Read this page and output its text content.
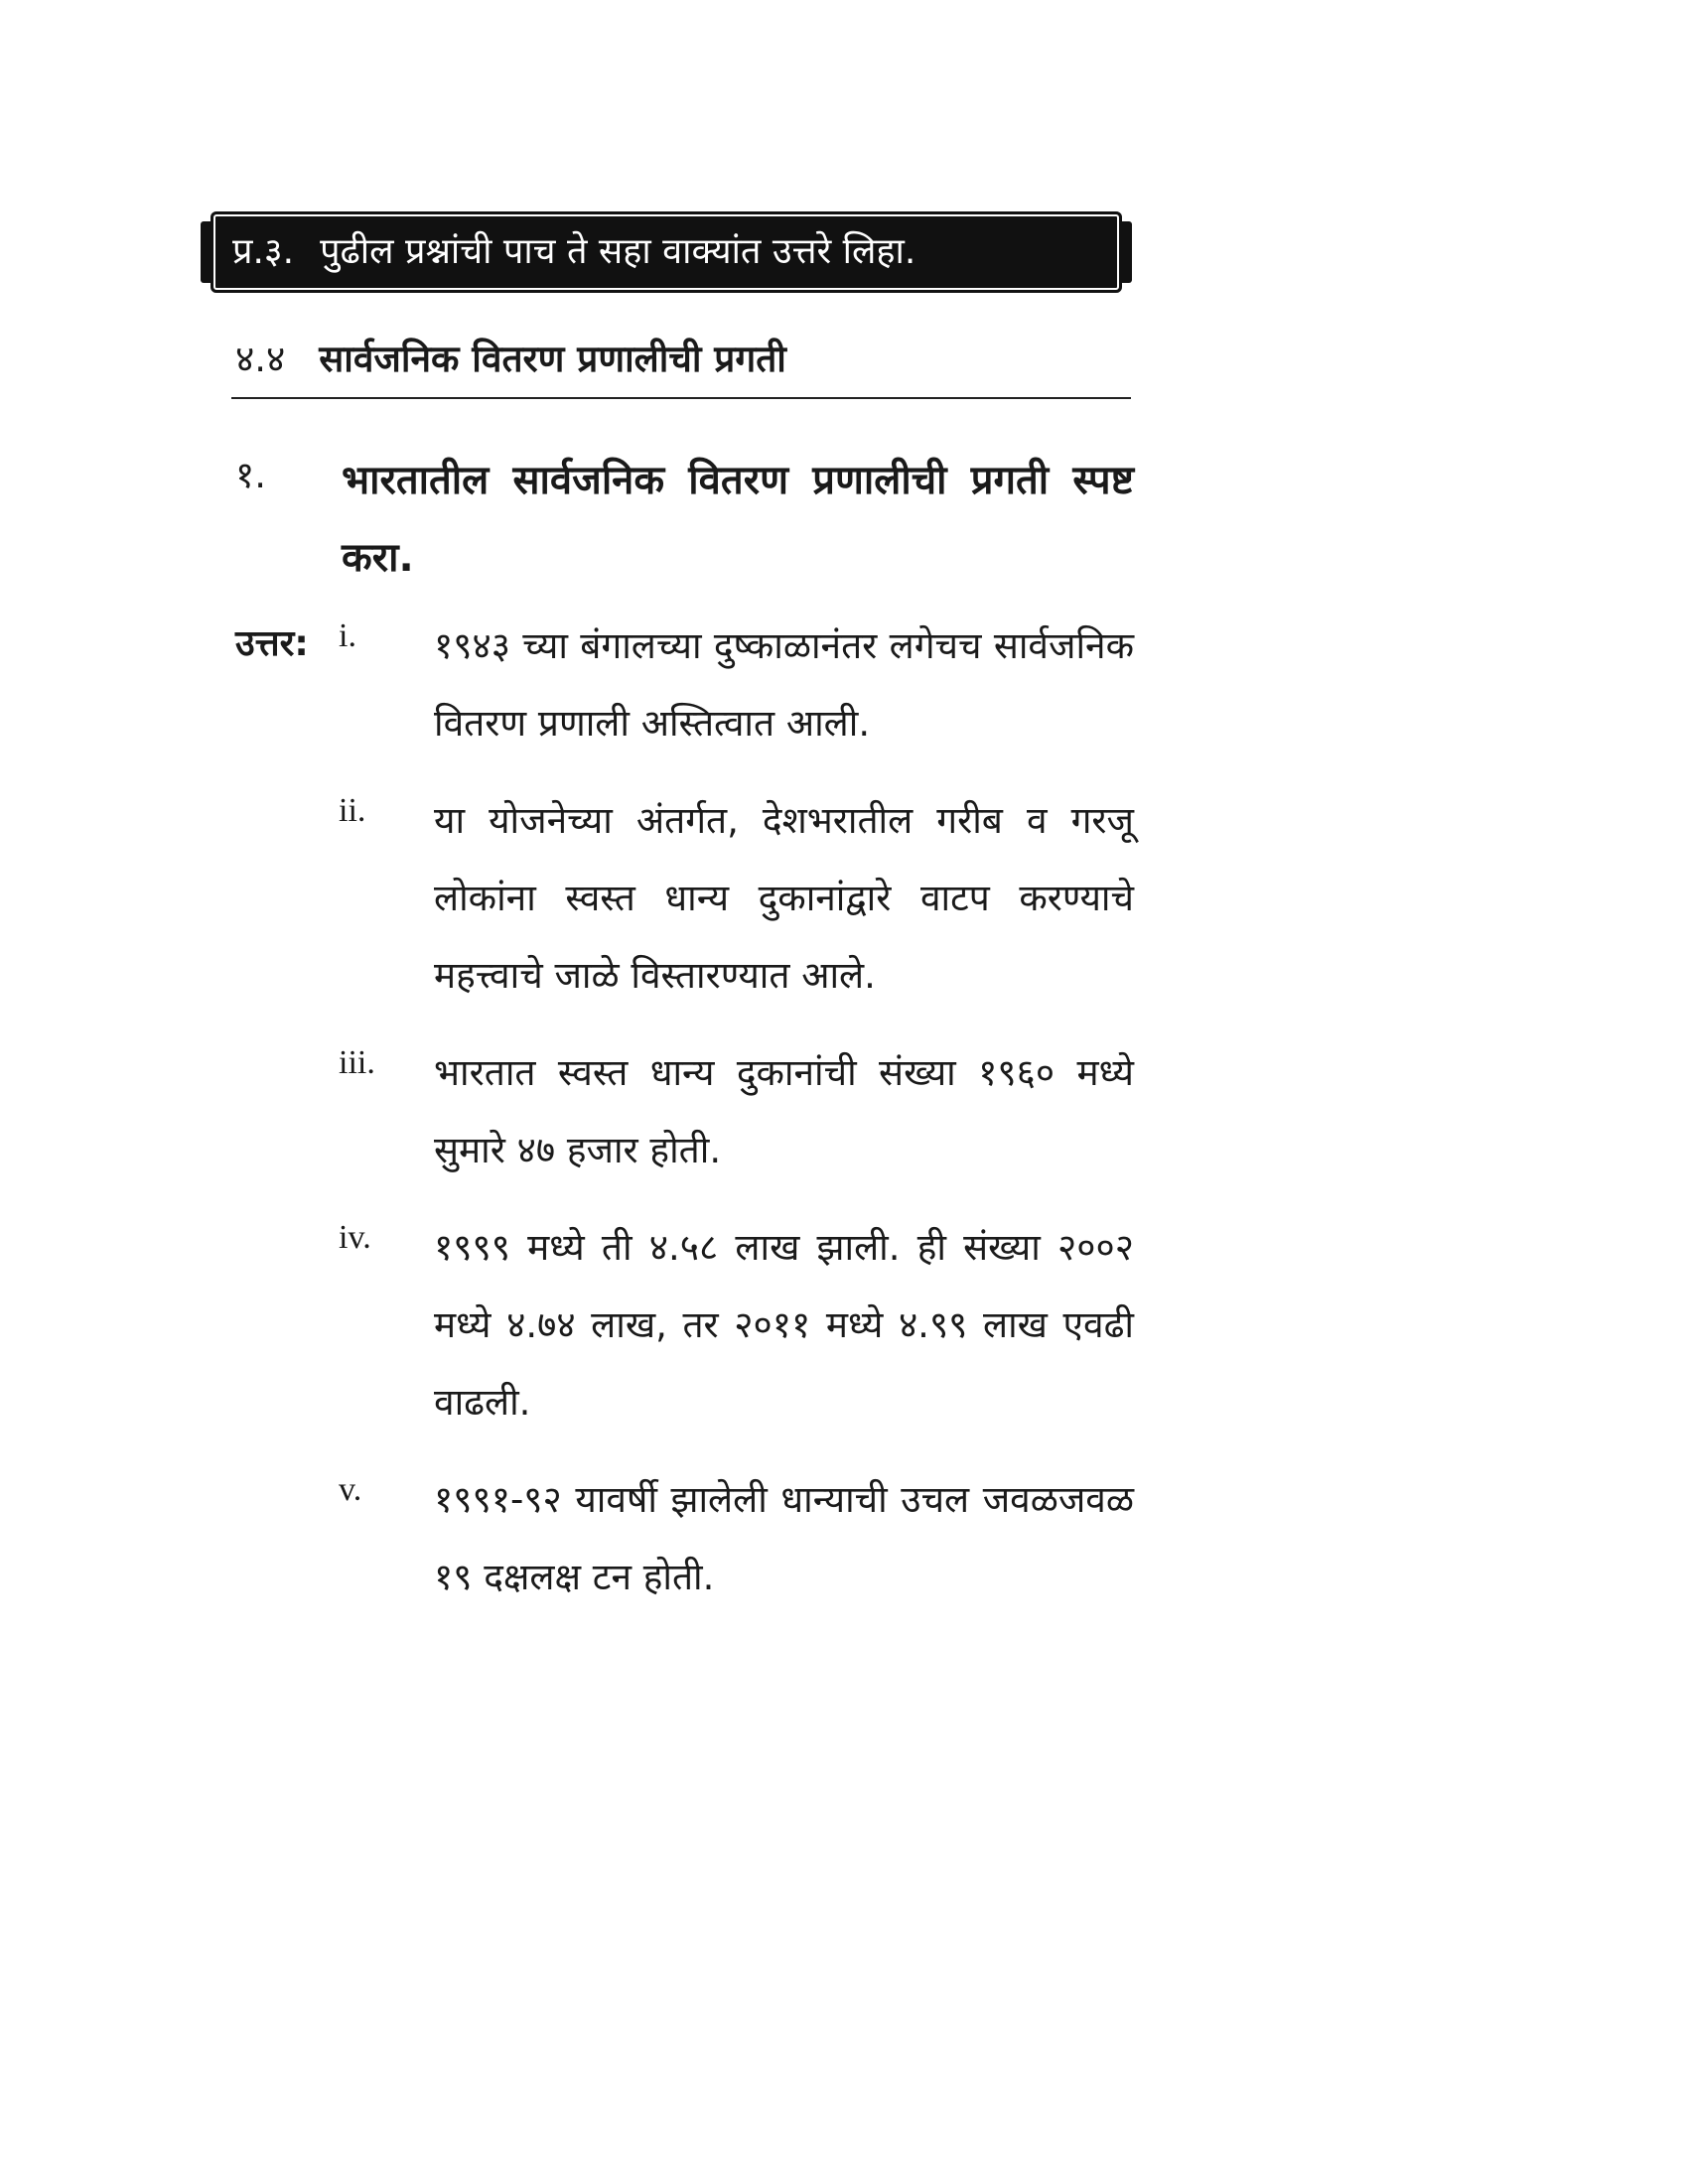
प्र.३. पुढील प्रश्नांची पाच ते सहा वाक्यांत उत्तरे लिहा.
४.४ सार्वजनिक वितरण प्रणालीची प्रगती
१. भारतातील सार्वजनिक वितरण प्रणालीची प्रगती स्पष्ट करा.
उत्तर: i. १९४३ च्या बंगालच्या दुष्काळानंतर लगेचच सार्वजनिक वितरण प्रणाली अस्तित्वात आली.
ii. या योजनेच्या अंतर्गत, देशभरातील गरीब व गरजू लोकांना स्वस्त धान्य दुकानांद्वारे वाटप करण्याचे महत्त्वाचे जाळे विस्तारण्यात आले.
iii. भारतात स्वस्त धान्य दुकानांची संख्या १९६० मध्ये सुमारे ४७ हजार होती.
iv. १९९९ मध्ये ती ४.५८ लाख झाली. ही संख्या २००२ मध्ये ४.७४ लाख, तर २०११ मध्ये ४.९९ लाख एवढी वाढली.
v. १९९१-९२ यावर्षी झालेली धान्याची उचल जवळजवळ १९ दक्षलक्ष टन होती.
